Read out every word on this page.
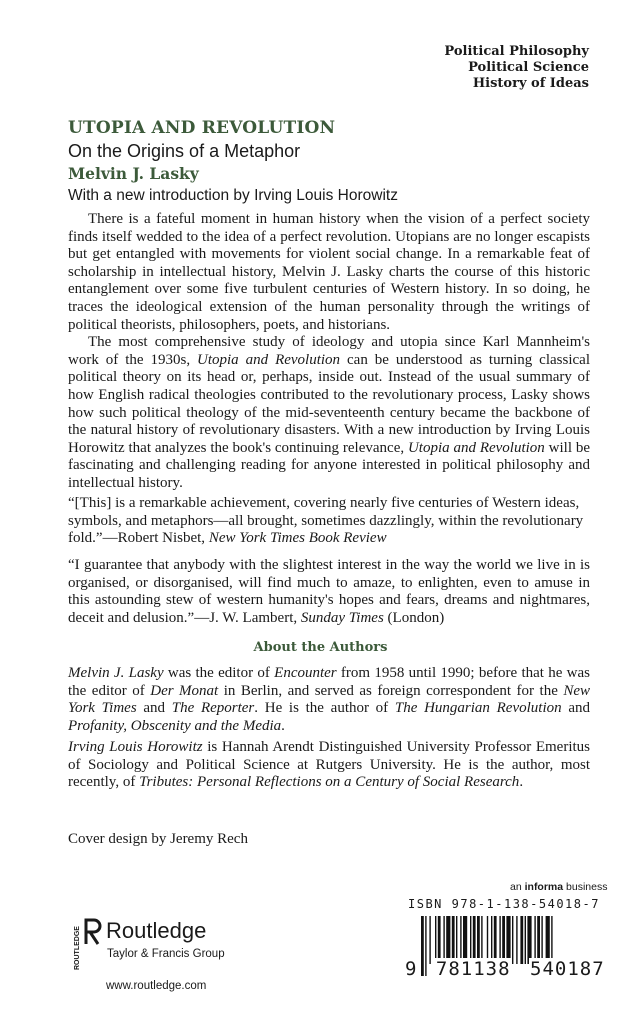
Political Philosophy
Political Science
History of Ideas
UTOPIA AND REVOLUTION
On the Origins of a Metaphor
Melvin J. Lasky
With a new introduction by Irving Louis Horowitz

There is a fateful moment in human history when the vision of a perfect society finds itself wedded to the idea of a perfect revolution. Utopians are no longer escapists but get entangled with movements for violent social change. In a remarkable feat of scholarship in intellectual history, Melvin J. Lasky charts the course of this historic entanglement over some five turbulent centuries of Western history. In so doing, he traces the ideological extension of the human personality through the writings of political theorists, philosophers, poets, and historians.

The most comprehensive study of ideology and utopia since Karl Mannheim's work of the 1930s, Utopia and Revolution can be understood as turning classical political theory on its head or, perhaps, inside out. Instead of the usual summary of how English radical theologies contributed to the revolutionary process, Lasky shows how such political theology of the mid-seventeenth century became the backbone of the natural history of revolutionary disasters. With a new introduction by Irving Louis Horowitz that analyzes the book's continuing relevance, Utopia and Revolution will be fascinating and challenging reading for anyone interested in political philosophy and intellectual history.

“[This] is a remarkable achievement, covering nearly five centuries of Western ideas, symbols, and metaphors—all brought, sometimes dazzlingly, within the revolutionary fold.”—Robert Nisbet, New York Times Book Review

“I guarantee that anybody with the slightest interest in the way the world we live in is organised, or disorganised, will find much to amaze, to enlighten, even to amuse in this astounding stew of western humanity's hopes and fears, dreams and nightmares, deceit and delusion.”—J. W. Lambert, Sunday Times (London)

About the Authors

Melvin J. Lasky was the editor of Encounter from 1958 until 1990; before that he was the editor of Der Monat in Berlin, and served as foreign correspondent for the New York Times and The Reporter. He is the author of The Hungarian Revolution and Profanity, Obscenity and the Media.

Irving Louis Horowitz is Hannah Arendt Distinguished University Professor Emeritus of Sociology and Political Science at Rutgers University. He is the author, most recently, of Tributes: Personal Reflections on a Century of Social Research.

Cover design by Jeremy Rech
ROUTLEDGE Routledge
Taylor & Francis Group
www.routledge.com
an informa business
ISBN 978-1-138-54018-7
9 781138 540187
